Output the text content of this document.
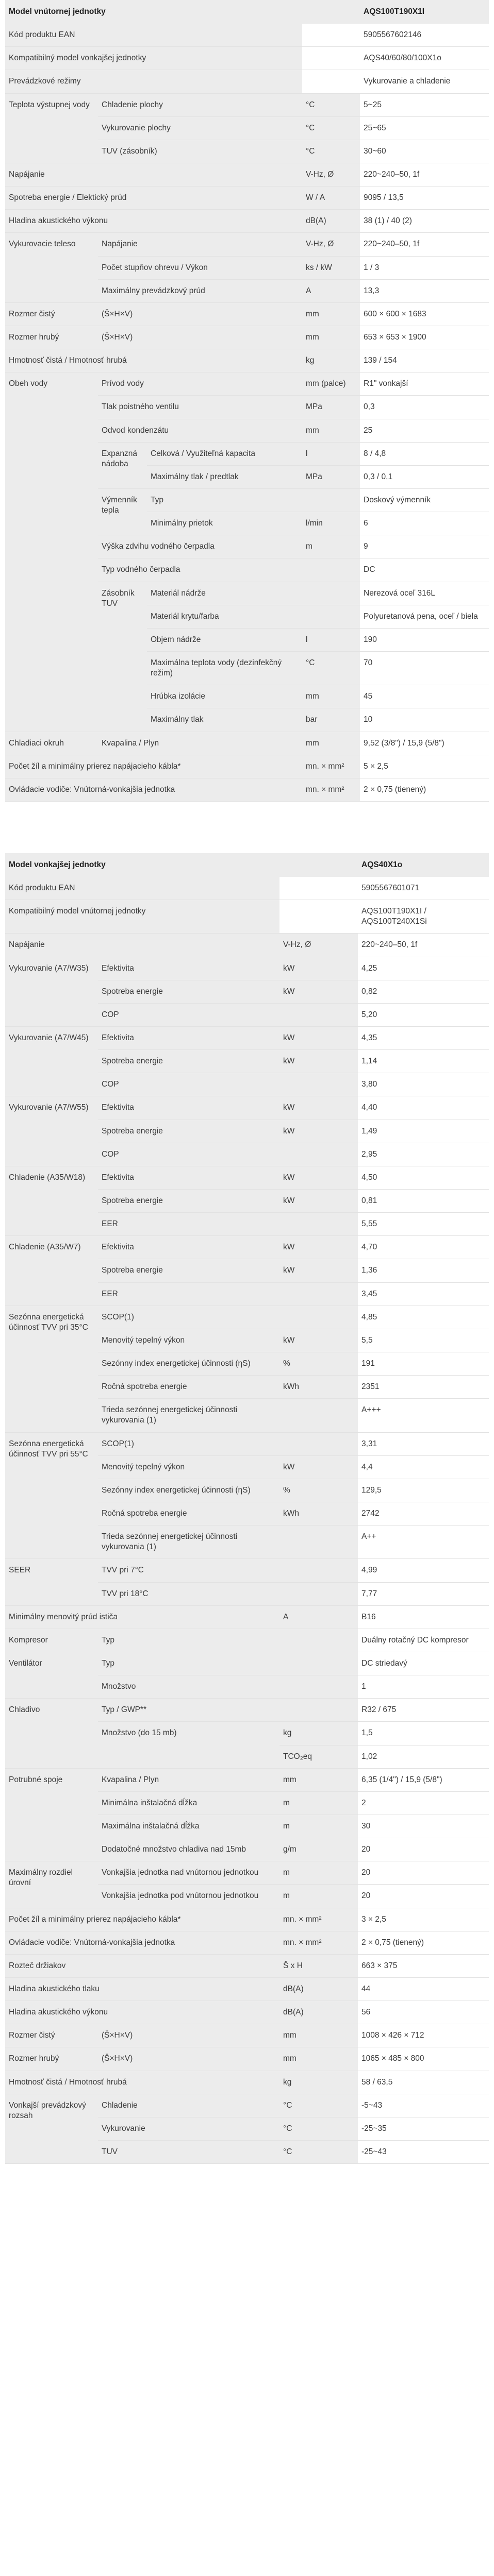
Model vnútornej jednotky				AQS100T190X1I
Kód produktu EAN				5905567602146
Kompatibilný model vonkajšej jednotky				AQS40/60/80/100X1o
Prevádzkové režimy				Vykurovanie a chladenie
Teplota výstupnej vody	Chladenie plochy		°C	5~25
	Vykurovanie plochy		°C	25~65
	TUV (zásobník)		°C	30~60
Napájanie			V-Hz, Ø	220~240–50, 1f
Spotreba energie / Elektický prúd			W / A	9095 / 13,5
Hladina akustického výkonu			dB(A)	38 (1) / 40 (2)
Vykurovacie teleso	Napájanie		V-Hz, Ø	220~240–50, 1f
	Počet stupňov ohrevu / Výkon		ks / kW	1 / 3
	Maximálny prevádzkový prúd		A	13,3
Rozmer čistý	(Š×H×V)		mm	600 × 600 × 1683
Rozmer hrubý	(Š×H×V)		mm	653 × 653 × 1900
Hmotnosť čistá / Hmotnosť hrubá			kg	139 / 154
Obeh vody	Prívod vody		mm (palce)	R1" vonkajší
	Tlak poistného ventilu		MPa	0,3
	Odvod kondenzátu		mm	25
	Expanzná nádoba	Celková / Využiteľná kapacita	l	8 / 4,8
		Maximálny tlak / predtlak	MPa	0,3 / 0,1
	Výmenník tepla	Typ		Doskový výmenník
		Minimálny prietok	l/min	6
	Výška zdvihu vodného čerpadla		m	9
	Typ vodného čerpadla			DC
	Zásobník TUV	Materiál nádrže		Nerezová oceľ 316L
		Materiál krytu/farba		Polyuretanová pena, oceľ / biela
		Objem nádrže	l	190
		Maximálna teplota vody (dezinfekčný režim)	°C	70
		Hrúbka izolácie	mm	45
		Maximálny tlak	bar	10
Chladiaci okruh	Kvapalina / Plyn		mm	9,52 (3/8") / 15,9 (5/8")
Počet žíl a minimálny prierez napájacieho kábla*			mn. × mm²	5 × 2,5
Ovládacie vodiče: Vnútorná-vonkajšia jednotka			mn. × mm²	2 × 0,75 (tienený)
Model vonkajšej jednotky			AQS40X1o
Kód produktu EAN			5905567601071
Kompatibilný model vnútornej jednotky			AQS100T190X1I / AQS100T240X1Si
Napájanie		V-Hz, Ø	220~240–50, 1f
Vykurovanie (A7/W35)	Efektivita	kW	4,25
	Spotreba energie	kW	0,82
	COP		5,20
Vykurovanie (A7/W45)	Efektivita	kW	4,35
	Spotreba energie	kW	1,14
	COP		3,80
Vykurovanie (A7/W55)	Efektivita	kW	4,40
	Spotreba energie	kW	1,49
	COP		2,95
Chladenie (A35/W18)	Efektivita	kW	4,50
	Spotreba energie	kW	0,81
	EER		5,55
Chladenie (A35/W7)	Efektivita	kW	4,70
	Spotreba energie	kW	1,36
	EER		3,45
Sezónna energetická účinnosť TVV pri 35°C	SCOP(1)		4,85
	Menovitý tepelný výkon	kW	5,5
	Sezónny index energetickej účinnosti (ηS)	%	191
	Ročná spotreba energie	kWh	2351
	Trieda sezónnej energetickej účinnosti vykurovania (1)		A+++
Sezónna energetická účinnosť TVV pri 55°C	SCOP(1)		3,31
	Menovitý tepelný výkon	kW	4,4
	Sezónny index energetickej účinnosti (ηS)	%	129,5
	Ročná spotreba energie	kWh	2742
	Trieda sezónnej energetickej účinnosti vykurovania (1)		A++
SEER	TVV pri 7°C		4,99
	TVV pri 18°C		7,77
Minimálny menovitý prúd ističa		A	B16
Kompresor	Typ		Duálny rotačný DC kompresor
Ventilátor	Typ		DC striedavý
	Množstvo		1
Chladivo	Typ / GWP**		R32 / 675
	Množstvo (do 15 mb)	kg	1,5
		TCO₂eq	1,02
Potrubné spoje	Kvapalina / Plyn	mm	6,35 (1/4") / 15,9 (5/8")
	Minimálna inštalačná dĺžka	m	2
	Maximálna inštalačná dĺžka	m	30
	Dodatočné množstvo chladiva nad 15mb	g/m	20
Maximálny rozdiel úrovní	Vonkajšia jednotka nad vnútornou jednotkou	m	20
	Vonkajšia jednotka pod vnútornou jednotkou	m	20
Počet žíl a minimálny prierez napájacieho kábla*		mn. × mm²	3 × 2,5
Ovládacie vodiče: Vnútorná-vonkajšia jednotka		mn. × mm²	2 × 0,75 (tienený)
Rozteč držiakov		Š x H	663 × 375
Hladina akustického tlaku		dB(A)	44
Hladina akustického výkonu		dB(A)	56
Rozmer čistý	(Š×H×V)	mm	1008 × 426 × 712
Rozmer hrubý	(Š×H×V)	mm	1065 × 485 × 800
Hmotnosť čistá / Hmotnosť hrubá		kg	58 / 63,5
Vonkajší prevádzkový rozsah	Chladenie	°C	-5~43
	Vykurovanie	°C	-25~35
	TUV	°C	-25~43
